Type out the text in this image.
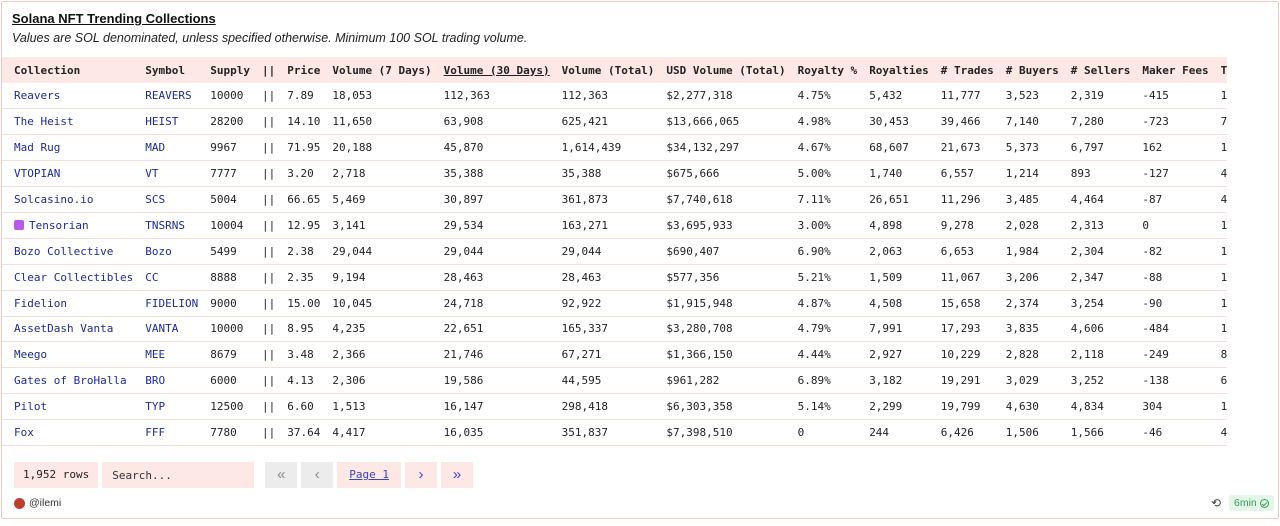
Solana NFT Trending Collections
Values are SOL denominated, unless specified otherwise. Minimum 100 SOL trading volume.
Collection	Symbol	Supply	||	Price	Volume (7 Days)	Volume (30 Days)	Volume (Total)	USD Volume (Total)	Royalty %	Royalties	# Trades	# Buyers	# Sellers	Maker Fees	T
Reavers	REAVERS	10000	||	7.89	18,053	112,363	112,363	$2,277,318	4.75%	5,432	11,777	3,523	2,319	-415	1
The Heist	HEIST	28200	||	14.10	11,650	63,908	625,421	$13,666,065	4.98%	30,453	39,466	7,140	7,280	-723	7
Mad Rug	MAD	9967	||	71.95	20,188	45,870	1,614,439	$34,132,297	4.67%	68,607	21,673	5,373	6,797	162	1
VTOPIAN	VT	7777	||	3.20	2,718	35,388	35,388	$675,666	5.00%	1,740	6,557	1,214	893	-127	4
Solcasino.io	SCS	5004	||	66.65	5,469	30,897	361,873	$7,740,618	7.11%	26,651	11,296	3,485	4,464	-87	4
Tensorian	TNSRNS	10004	||	12.95	3,141	29,534	163,271	$3,695,933	3.00%	4,898	9,278	2,028	2,313	0	1
Bozo Collective	Bozo	5499	||	2.38	29,044	29,044	29,044	$690,407	6.90%	2,063	6,653	1,984	2,304	-82	1
Clear Collectibles	CC	8888	||	2.35	9,194	28,463	28,463	$577,356	5.21%	1,509	11,067	3,206	2,347	-88	1
Fidelion	FIDELION	9000	||	15.00	10,045	24,718	92,922	$1,915,948	4.87%	4,508	15,658	2,374	3,254	-90	1
AssetDash Vanta	VANTA	10000	||	8.95	4,235	22,651	165,337	$3,280,708	4.79%	7,991	17,293	3,835	4,606	-484	1
Meego	MEE	8679	||	3.48	2,366	21,746	67,271	$1,366,150	4.44%	2,927	10,229	2,828	2,118	-249	8
Gates of BroHalla	BRO	6000	||	4.13	2,306	19,586	44,595	$961,282	6.89%	3,182	19,291	3,029	3,252	-138	6
Pilot	TYP	12500	||	6.60	1,513	16,147	298,418	$6,303,358	5.14%	2,299	19,799	4,630	4,834	304	1
Fox	FFF	7780	||	37.64	4,417	16,035	351,837	$7,398,510	0	244	6,426	1,506	1,566	-46	4
1,952 rows
Search...	«	‹	Page 1	›	»
@ilemi	⟲ 6min
